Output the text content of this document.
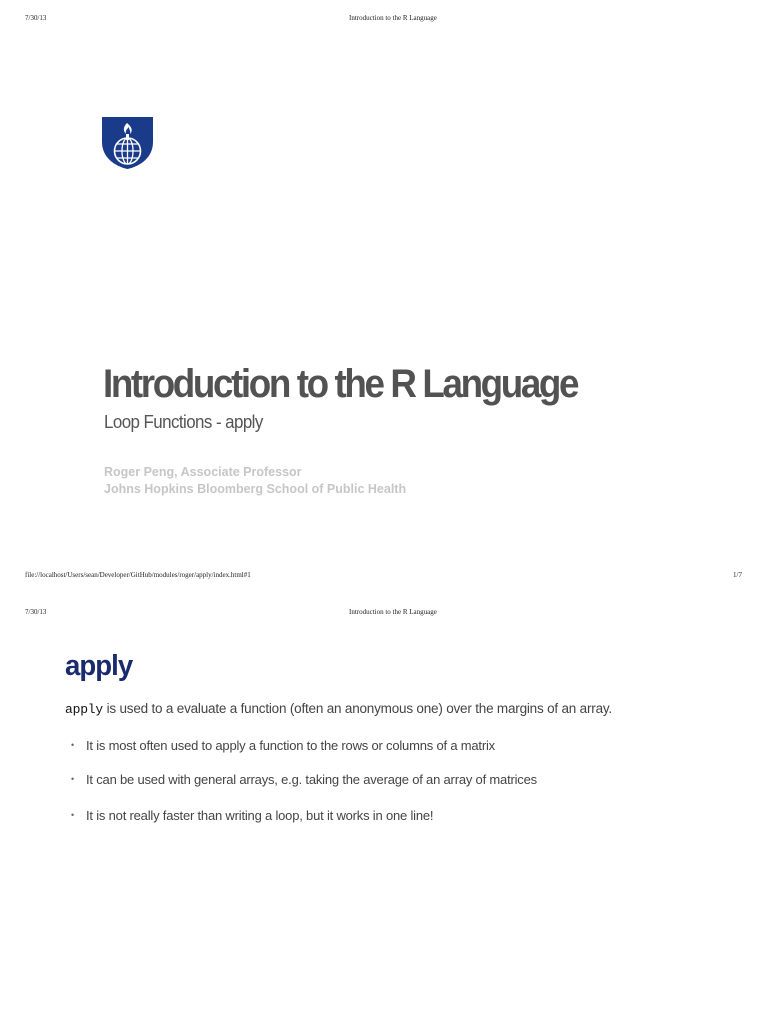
7/30/13	Introduction to the R Language
Introduction to the R Language
Loop Functions - apply
Roger Peng, Associate Professor
Johns Hopkins Bloomberg School of Public Health
file://localhost/Users/sean/Developer/GitHub/modules/roger/apply/index.html#1	1/7
7/30/13	Introduction to the R Language
apply
apply is used to a evaluate a function (often an anonymous one) over the margins of an array.
• It is most often used to apply a function to the rows or columns of a matrix
• It can be used with general arrays, e.g. taking the average of an array of matrices
• It is not really faster than writing a loop, but it works in one line!
